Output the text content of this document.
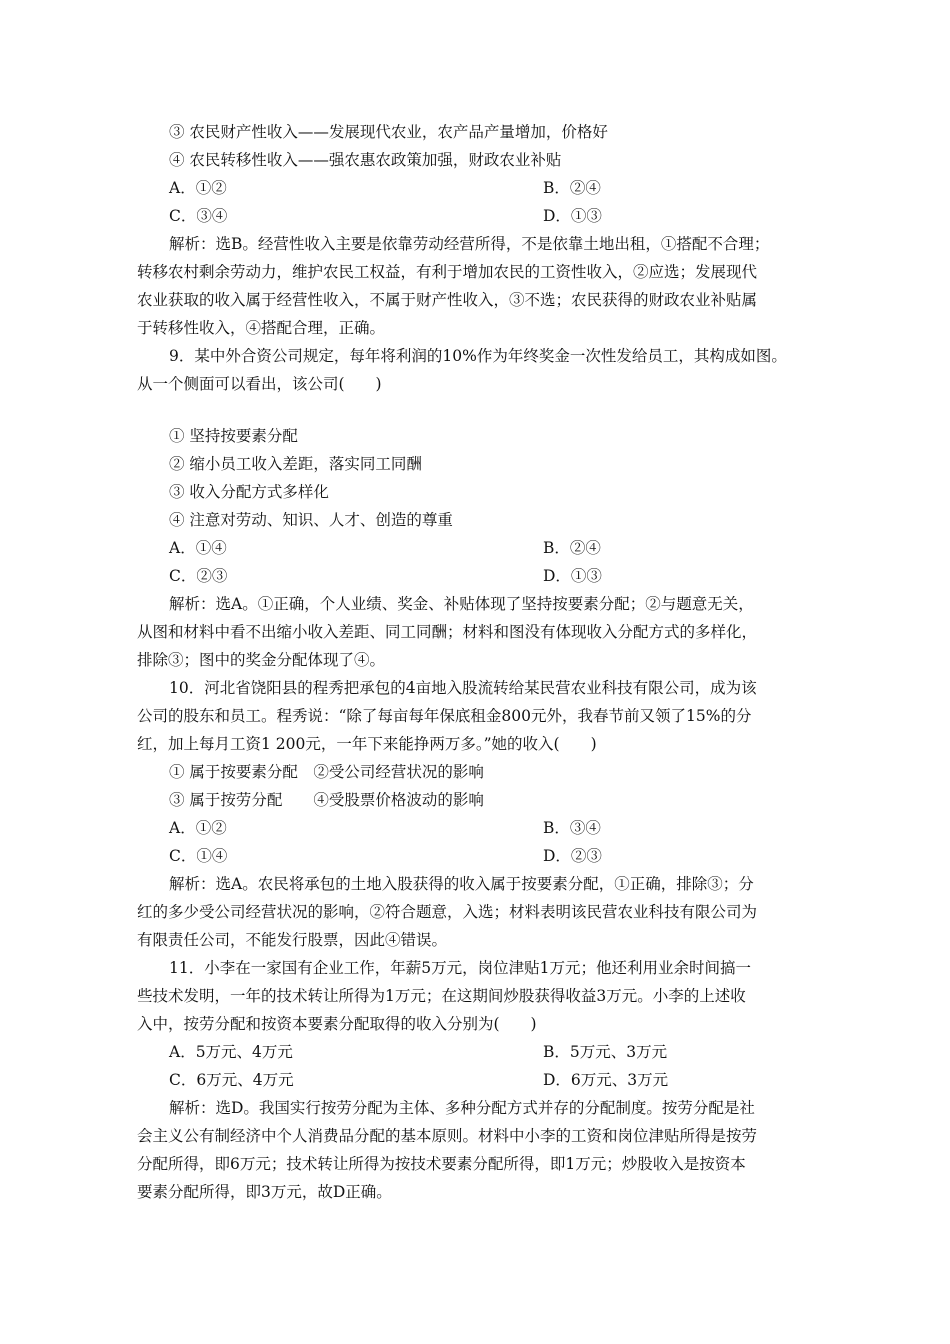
③ 农民财产性收入——发展现代农业，农产品产量增加，价格好
④ 农民转移性收入——强农惠农政策加强，财政农业补贴
A．①②	B．②④
C．③④	D．①③
解析：选B。经营性收入主要是依靠劳动经营所得，不是依靠土地出租，①搭配不合理；
转移农村剩余劳动力，维护农民工权益，有利于增加农民的工资性收入，②应选；发展现代
农业获取的收入属于经营性收入，不属于财产性收入，③不选；农民获得的财政农业补贴属
于转移性收入，④搭配合理，正确。
9．某中外合资公司规定，每年将利润的10%作为年终奖金一次性发给员工，其构成如图。
从一个侧面可以看出，该公司(　　)
① 坚持按要素分配
② 缩小员工收入差距，落实同工同酬
③ 收入分配方式多样化
④ 注意对劳动、知识、人才、创造的尊重
A．①④	B．②④
C．②③	D．①③
解析：选A。①正确，个人业绩、奖金、补贴体现了坚持按要素分配；②与题意无关，
从图和材料中看不出缩小收入差距、同工同酬；材料和图没有体现收入分配方式的多样化，
排除③；图中的奖金分配体现了④。
10．河北省饶阳县的程秀把承包的4亩地入股流转给某民营农业科技有限公司，成为该
公司的股东和员工。程秀说：“除了每亩每年保底租金800元外，我春节前又领了15%的分
红，加上每月工资1 200元，一年下来能挣两万多。”她的收入(　　)
① 属于按要素分配　②受公司经营状况的影响
③ 属于按劳分配　　④受股票价格波动的影响
A．①②	B．③④
C．①④	D．②③
解析：选A。农民将承包的土地入股获得的收入属于按要素分配，①正确，排除③；分
红的多少受公司经营状况的影响，②符合题意，入选；材料表明该民营农业科技有限公司为
有限责任公司，不能发行股票，因此④错误。
11．小李在一家国有企业工作，年薪5万元，岗位津贴1万元；他还利用业余时间搞一
些技术发明，一年的技术转让所得为1万元；在这期间炒股获得收益3万元。小李的上述收
入中，按劳分配和按资本要素分配取得的收入分别为(　　)
A．5万元、4万元	B．5万元、3万元
C．6万元、4万元	D．6万元、3万元
解析：选D。我国实行按劳分配为主体、多种分配方式并存的分配制度。按劳分配是社
会主义公有制经济中个人消费品分配的基本原则。材料中小李的工资和岗位津贴所得是按劳
分配所得，即6万元；技术转让所得为按技术要素分配所得，即1万元；炒股收入是按资本
要素分配所得，即3万元，故D正确。
